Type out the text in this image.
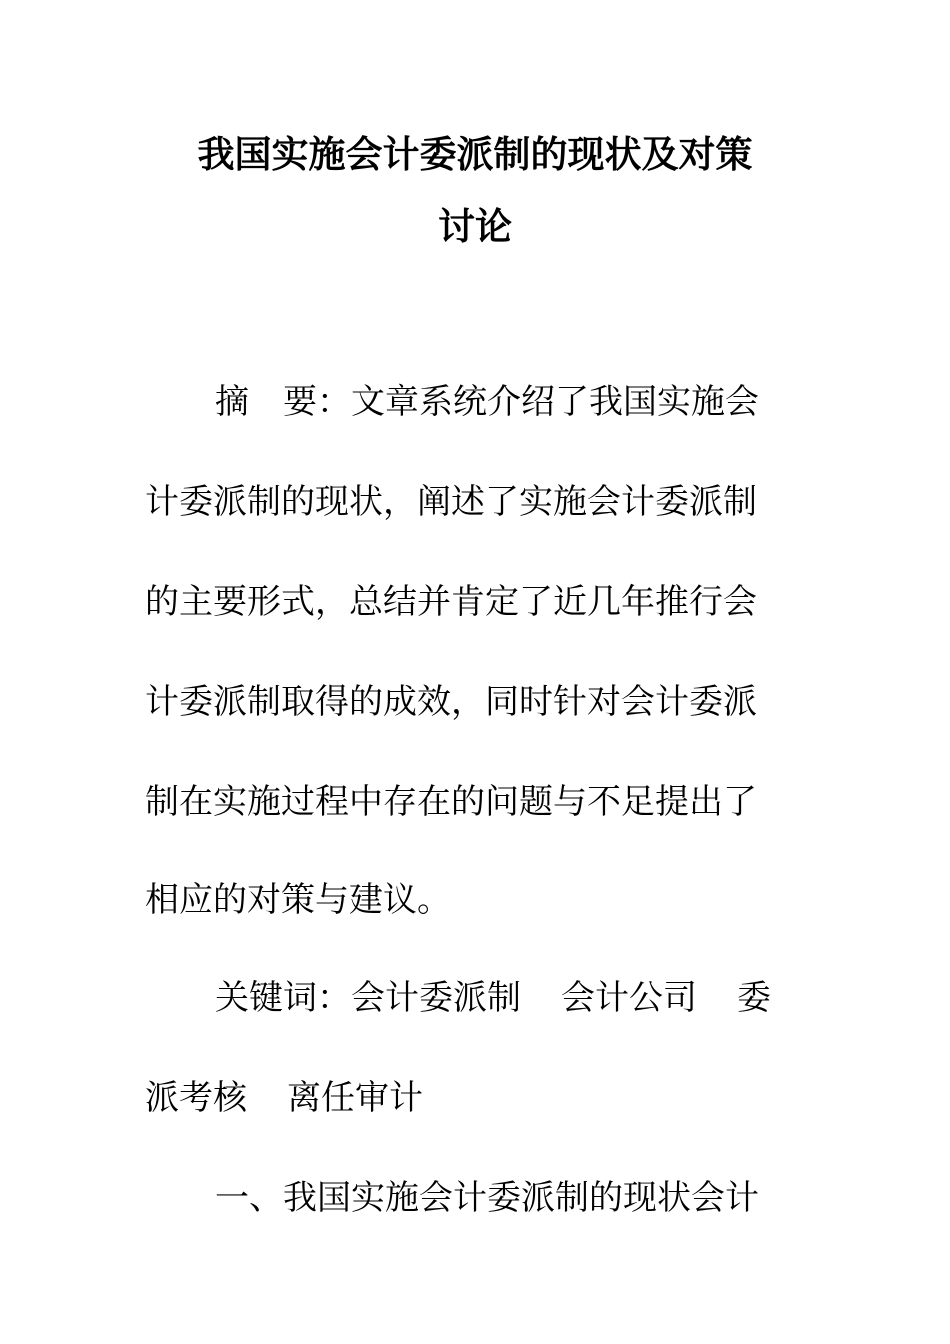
我国实施会计委派制的现状及对策
讨论
摘 要：文章系统介绍了我国实施会
计委派制的现状，阐述了实施会计委派制
的主要形式，总结并肯定了近几年推行会
计委派制取得的成效，同时针对会计委派
制在实施过程中存在的问题与不足提出了
相应的对策与建议。
关键词：会计委派制 会计公司 委
派考核 离任审计
一、我国实施会计委派制的现状会计
